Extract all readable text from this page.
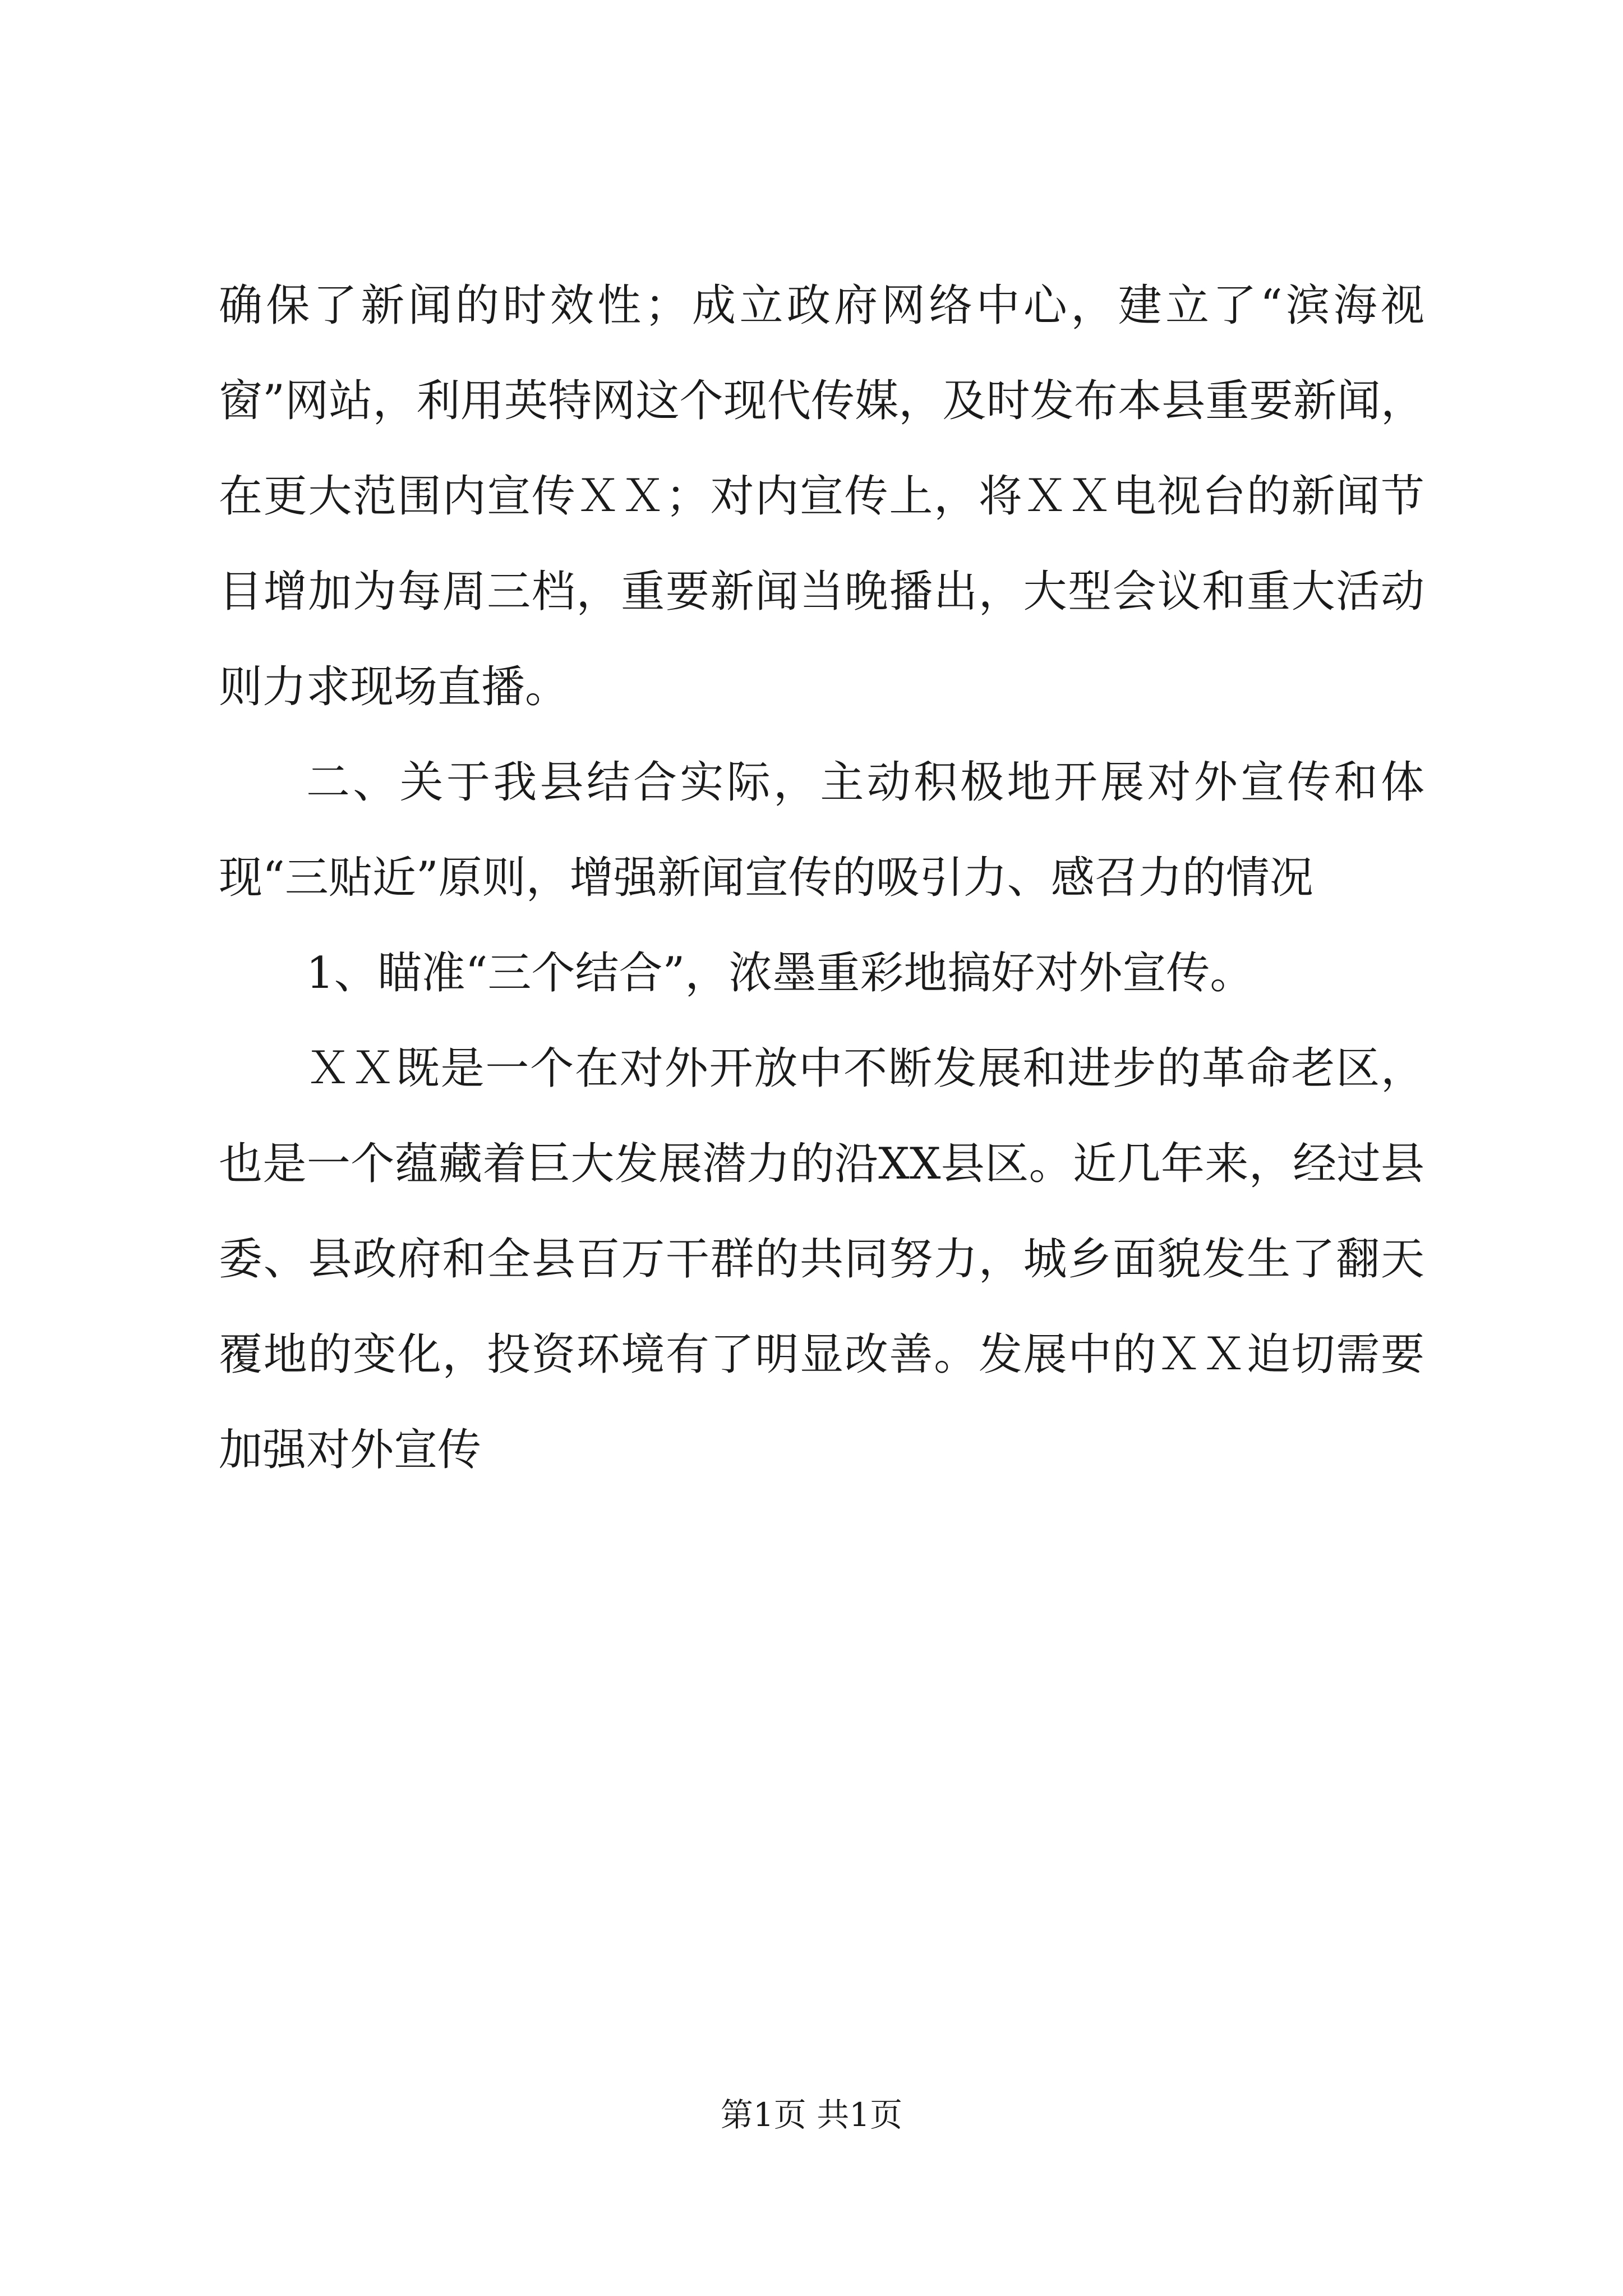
确保了新闻的时效性；成立政府网络中心，建立了“滨海视窗”网站，利用英特网这个现代传媒，及时发布本县重要新闻，在更大范围内宣传ＸＸ；对内宣传上，将ＸＸ电视台的新闻节目增加为每周三档，重要新闻当晚播出，大型会议和重大活动则力求现场直播。

二、关于我县结合实际，主动积极地开展对外宣传和体现“三贴近”原则，增强新闻宣传的吸引力、感召力的情况

1、瞄准“三个结合”，浓墨重彩地搞好对外宣传。

ＸＸ既是一个在对外开放中不断发展和进步的革命老区，也是一个蕴藏着巨大发展潜力的沿XX县区。近几年来，经过县委、县政府和全县百万干群的共同努力，城乡面貌发生了翻天覆地的变化，投资环境有了明显改善。发展中的ＸＸ迫切需要加强对外宣传

第1页 共1页
